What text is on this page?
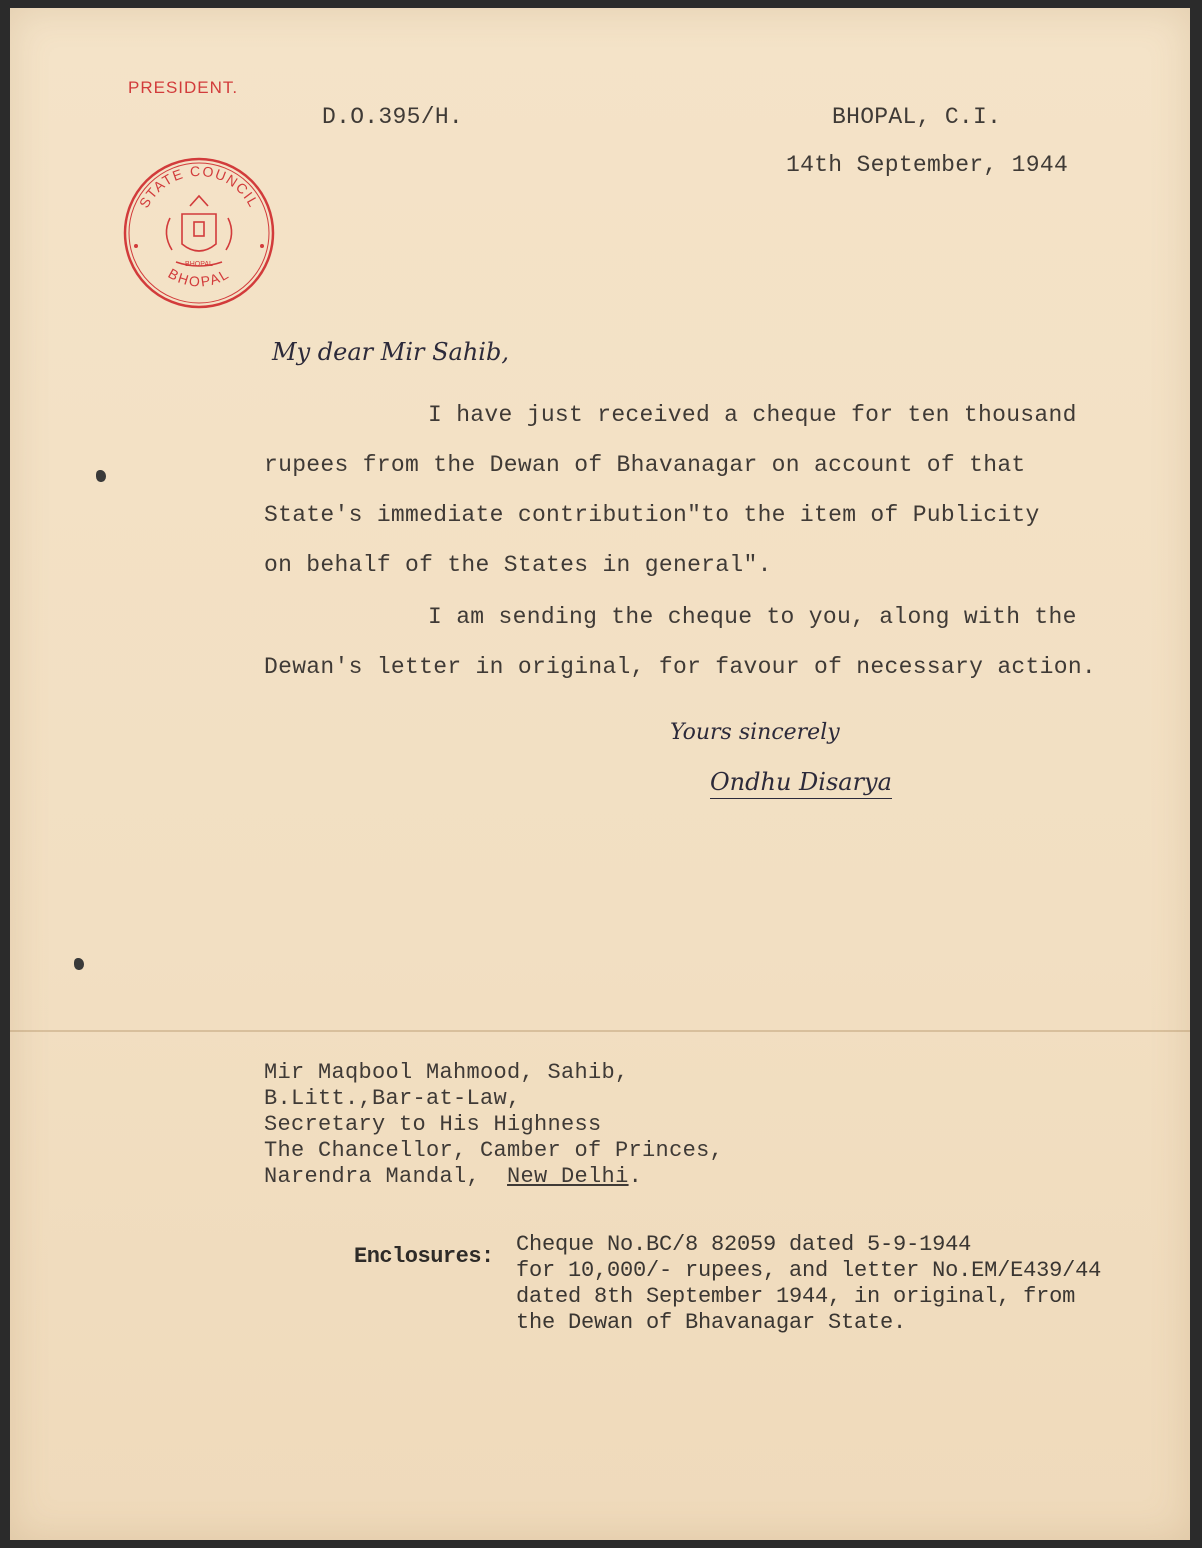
PRESIDENT.
STATE COUNCIL
BHOPAL
BHOPAL
D.O.395/H.	BHOPAL, C.I.
14th September, 1944
My dear Mir Sahib,
I have just received a cheque for ten thousand
rupees from the Dewan of Bhavanagar on account of that
State's immediate contribution"to the item of Publicity
on behalf of the States in general".
I am sending the cheque to you, along with the
Dewan's letter in original, for favour of necessary action.
Yours sincerely
Ondhu Disarya
Mir Maqbool Mahmood, Sahib,
B.Litt.,Bar-at-Law,
Secretary to His Highness
The Chancellor, Camber of Princes,
Narendra Mandal,  New Delhi.
Enclosures: Cheque No.BC/8 82059 dated 5-9-1944
for 10,000/- rupees, and letter No.EM/E439/44
dated 8th September 1944, in original, from
the Dewan of Bhavanagar State.
